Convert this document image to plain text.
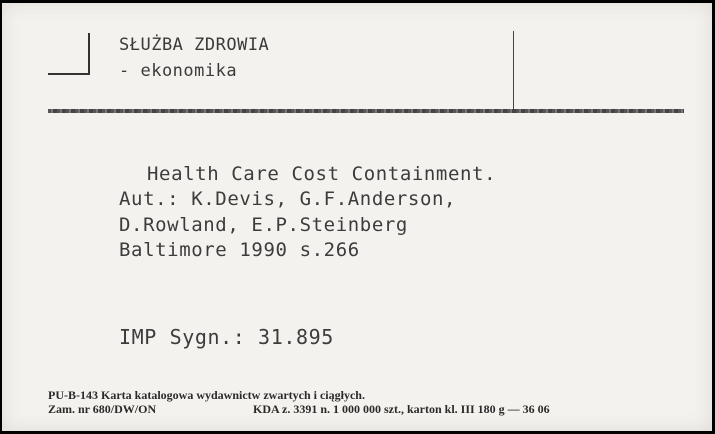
SŁUŻBA ZDROWIA
- ekonomika
Health Care Cost Containment.
Aut.: K.Devis, G.F.Anderson,
D.Rowland, E.P.Steinberg
Baltimore 1990 s.266
IMP Sygn.: 31.895
PU-B-143 Karta katalogowa wydawnictw zwartych i ciągłych.
Zam. nr 680/DW/ON	KDA z. 3391 n. 1 000 000 szt., karton kl. III 180 g — 36 06
